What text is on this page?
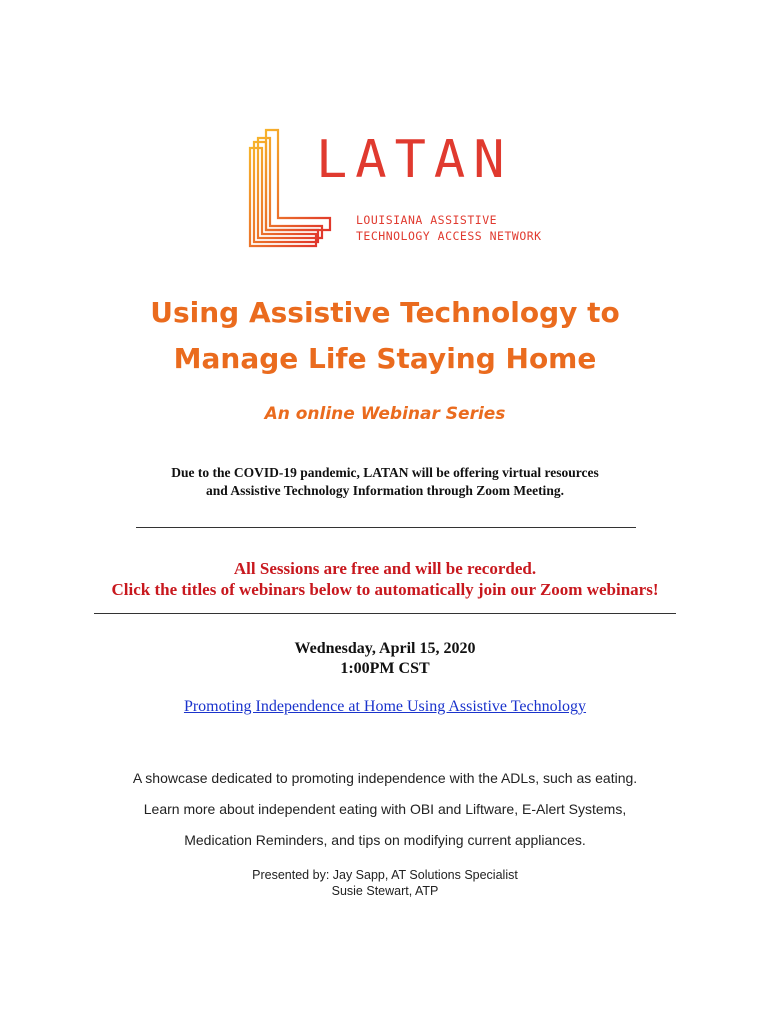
LATAN
LOUISIANA ASSISTIVE
TECHNOLOGY ACCESS NETWORK
Using Assistive Technology to
Manage Life Staying Home
An online Webinar Series
Due to the COVID-19 pandemic, LATAN will be offering virtual resources
and Assistive Technology Information through Zoom Meeting.
All Sessions are free and will be recorded.
Click the titles of webinars below to automatically join our Zoom webinars!
Wednesday, April 15, 2020
1:00PM CST
Promoting Independence at Home Using Assistive Technology
A showcase dedicated to promoting independence with the ADLs, such as eating.
Learn more about independent eating with OBI and Liftware, E-Alert Systems,
Medication Reminders, and tips on modifying current appliances.
Presented by: Jay Sapp, AT Solutions Specialist
Susie Stewart, ATP
